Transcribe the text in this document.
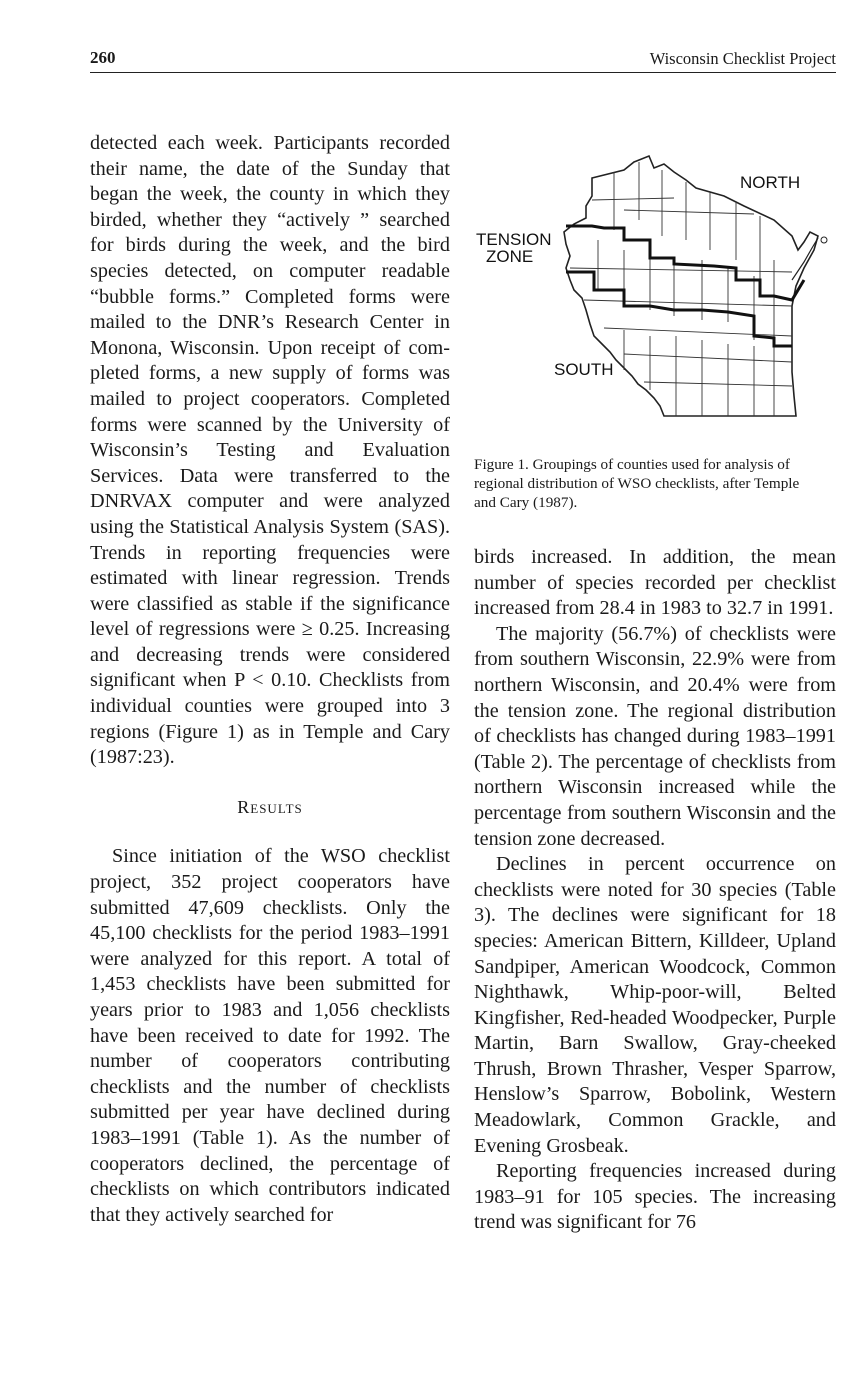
260	Wisconsin Checklist Project

detected each week. Participants recorded their name, the date of the Sunday that began the week, the county in which they birded, whether they “actively ” searched for birds during the week, and the bird species detected, on computer readable “bubble forms.” Completed forms were mailed to the DNR’s Research Center in Monona, Wisconsin. Upon receipt of completed forms, a new supply of forms was mailed to project cooperators. Completed forms were scanned by the University of Wisconsin’s Testing and Evaluation Services. Data were transferred to the DNRVAX computer and were analyzed using the Statistical Analysis System (SAS). Trends in reporting frequencies were estimated with linear regression. Trends were classified as stable if the significance level of regressions were ≥ 0.25. Increasing and decreasing trends were considered significant when P < 0.10. Checklists from individual counties were grouped into 3 regions (Figure 1) as in Temple and Cary (1987:23).

Results

Since initiation of the WSO checklist project, 352 project cooperators have submitted 47,609 checklists. Only the 45,100 checklists for the period 1983–1991 were analyzed for this report. A total of 1,453 checklists have been submitted for years prior to 1983 and 1,056 checklists have been received to date for 1992. The number of cooperators contributing checklists and the number of checklists submitted per year have declined during 1983–1991 (Table 1). As the number of cooperators declined, the percentage of checklists on which contributors indicated that they actively searched for

NORTH
TENSION
ZONE
SOUTH
Figure 1. Groupings of counties used for analysis of regional distribution of WSO checklists, after Temple and Cary (1987).

birds increased. In addition, the mean number of species recorded per checklist increased from 28.4 in 1983 to 32.7 in 1991.

The majority (56.7%) of checklists were from southern Wisconsin, 22.9% were from northern Wisconsin, and 20.4% were from the tension zone. The regional distribution of checklists has changed during 1983–1991 (Table 2). The percentage of checklists from northern Wisconsin increased while the percentage from southern Wisconsin and the tension zone decreased.

Declines in percent occurrence on checklists were noted for 30 species (Table 3). The declines were significant for 18 species: American Bittern, Killdeer, Upland Sandpiper, American Woodcock, Common Nighthawk, Whip-poor-will, Belted Kingfisher, Red-headed Woodpecker, Purple Martin, Barn Swallow, Gray-cheeked Thrush, Brown Thrasher, Vesper Sparrow, Henslow’s Sparrow, Bobolink, Western Meadowlark, Common Grackle, and Evening Grosbeak.

Reporting frequencies increased during 1983–91 for 105 species. The increasing trend was significant for 76
